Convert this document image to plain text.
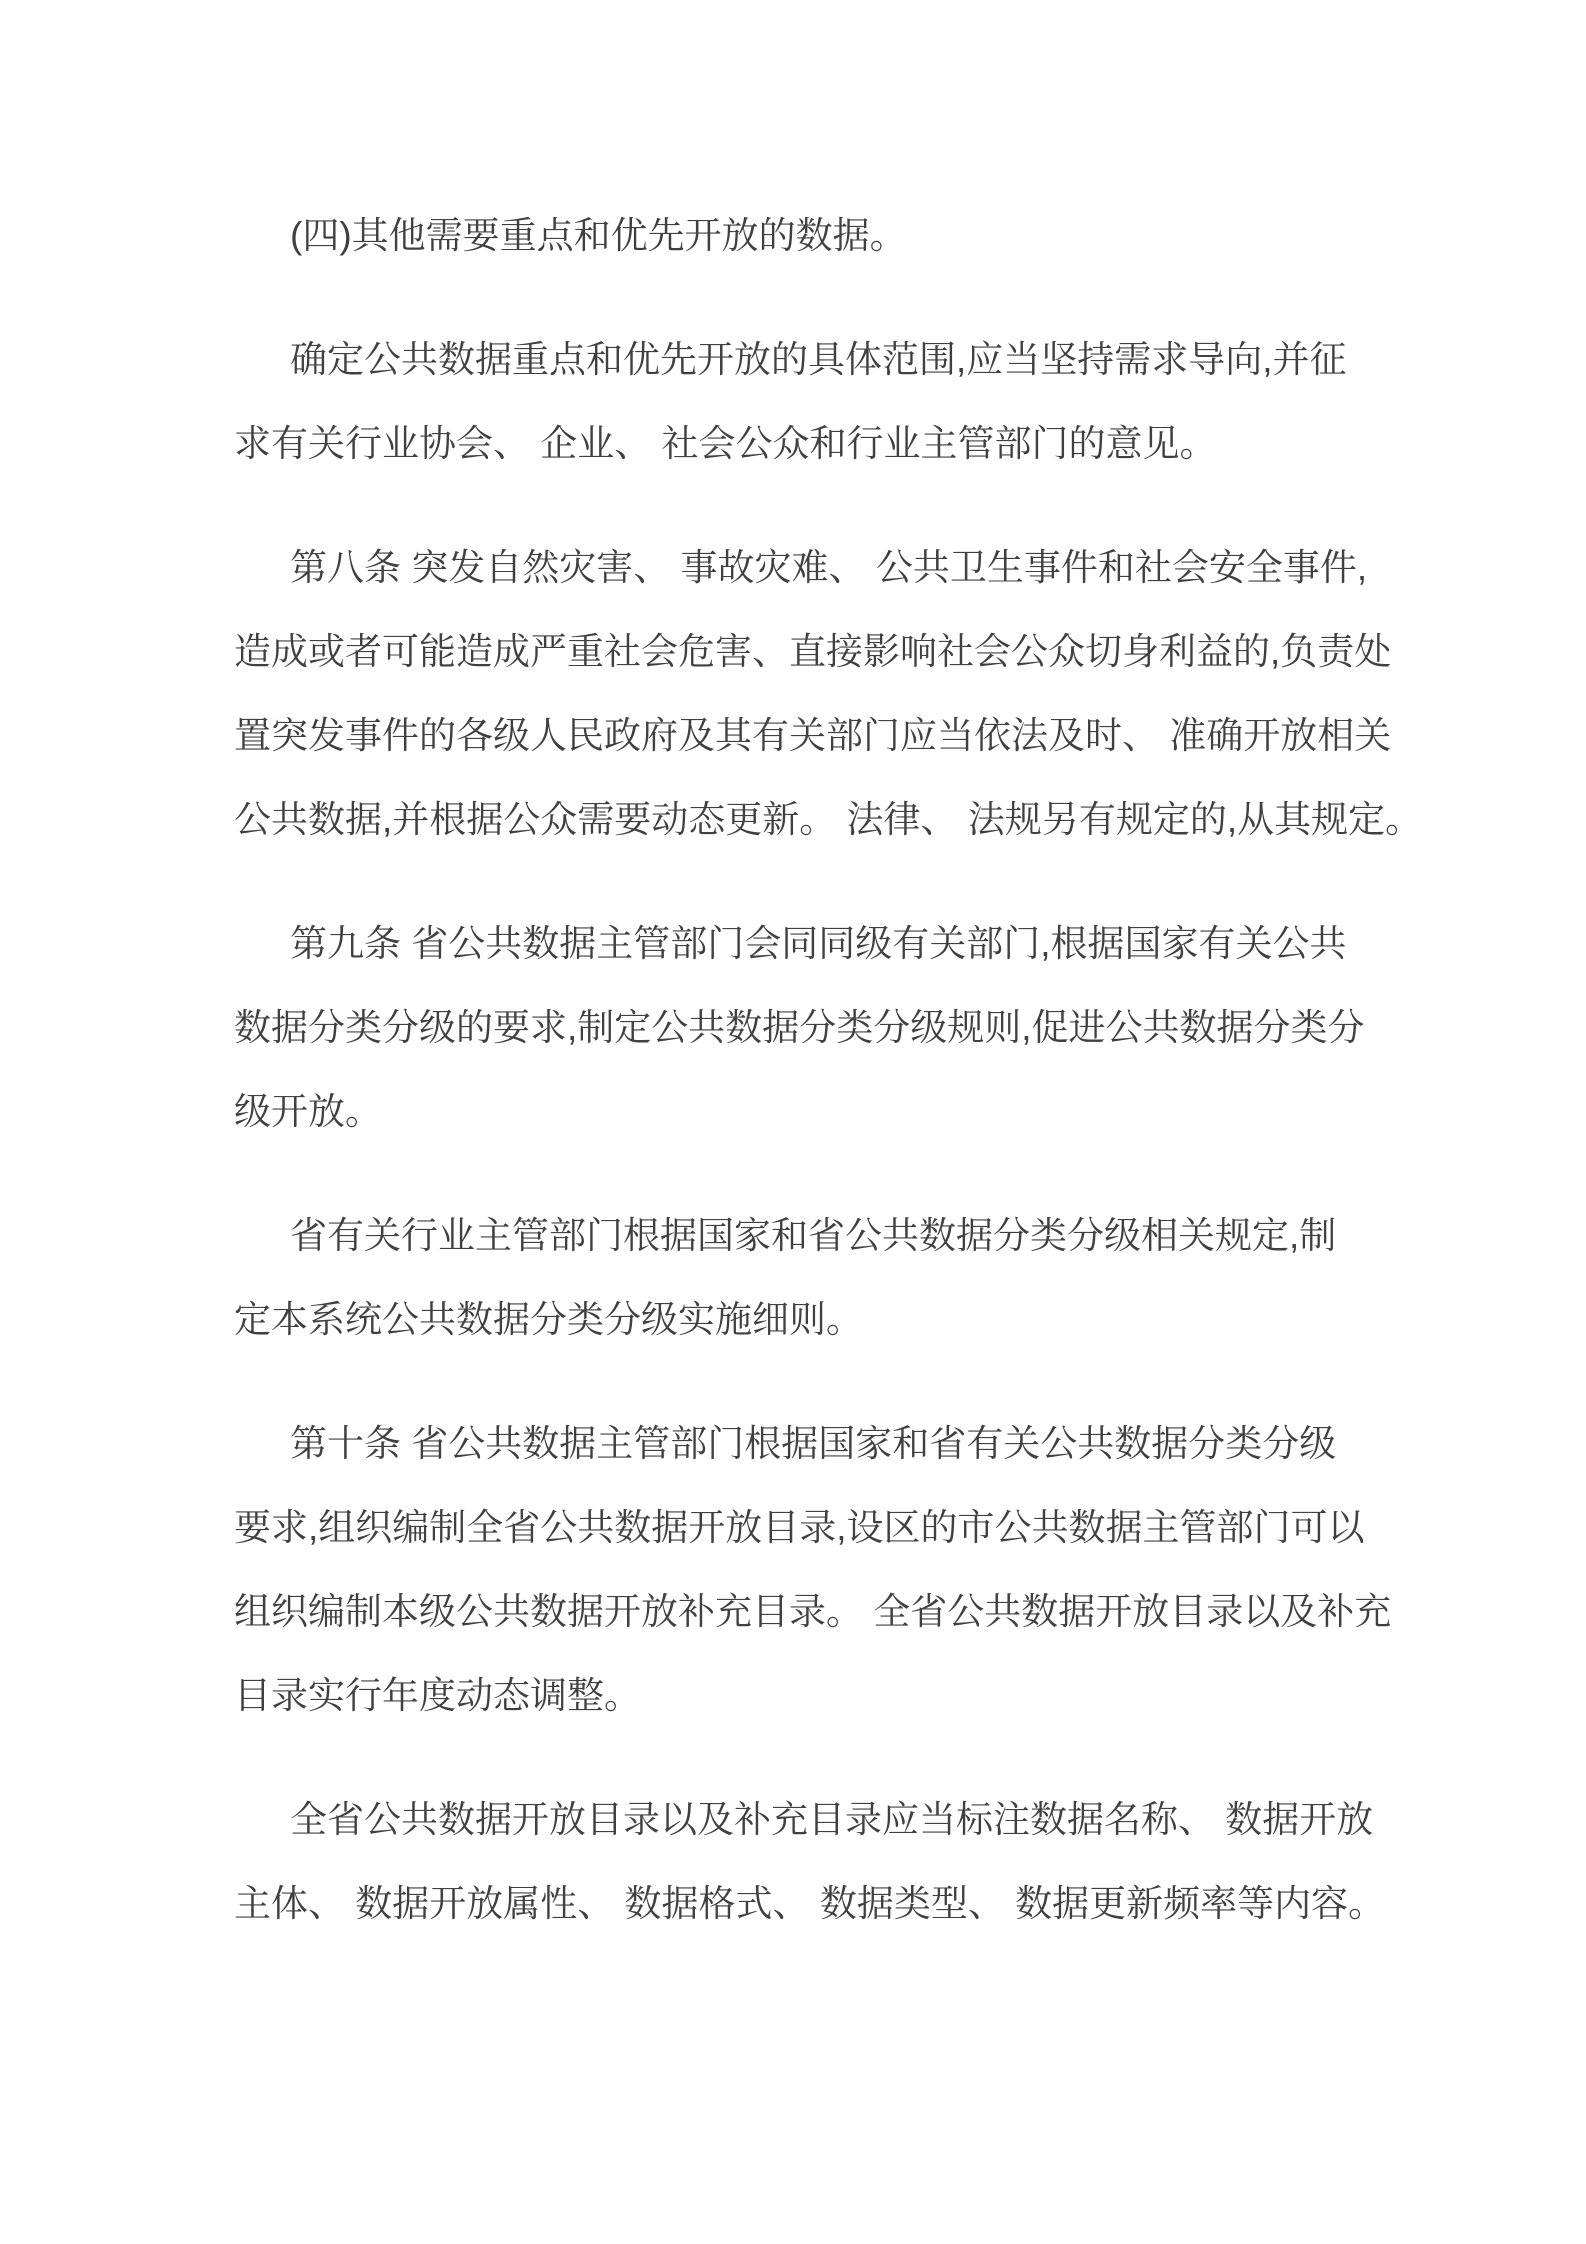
(四)其他需要重点和优先开放的数据。

确定公共数据重点和优先开放的具体范围,应当坚持需求导向,并征
求有关行业协会、 企业、 社会公众和行业主管部门的意见。

第八条 突发自然灾害、 事故灾难、 公共卫生事件和社会安全事件,
造成或者可能造成严重社会危害、直接影响社会公众切身利益的,负责处
置突发事件的各级人民政府及其有关部门应当依法及时、 准确开放相关
公共数据,并根据公众需要动态更新。 法律、 法规另有规定的,从其规定。

第九条 省公共数据主管部门会同同级有关部门,根据国家有关公共
数据分类分级的要求,制定公共数据分类分级规则,促进公共数据分类分
级开放。

省有关行业主管部门根据国家和省公共数据分类分级相关规定,制
定本系统公共数据分类分级实施细则。

第十条 省公共数据主管部门根据国家和省有关公共数据分类分级
要求,组织编制全省公共数据开放目录,设区的市公共数据主管部门可以
组织编制本级公共数据开放补充目录。 全省公共数据开放目录以及补充
目录实行年度动态调整。

全省公共数据开放目录以及补充目录应当标注数据名称、 数据开放
主体、 数据开放属性、 数据格式、 数据类型、 数据更新频率等内容。
